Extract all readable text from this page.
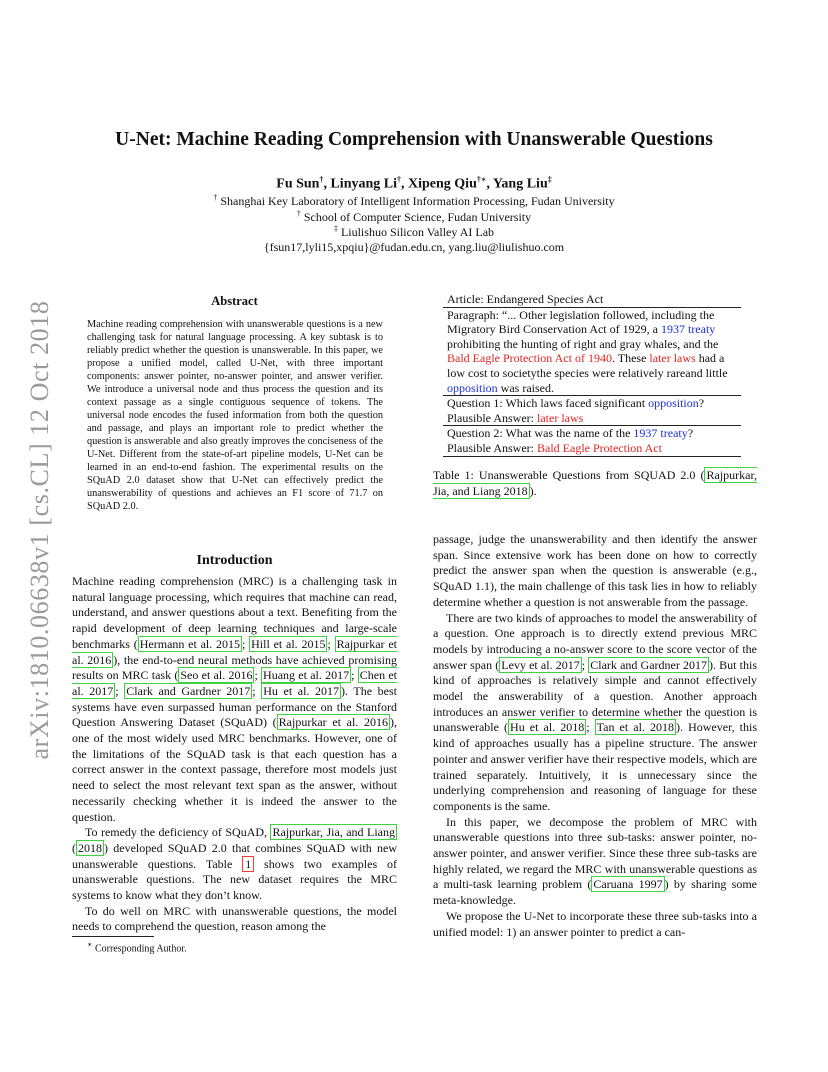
arXiv:1810.06638v1 [cs.CL] 12 Oct 2018
U-Net: Machine Reading Comprehension with Unanswerable Questions
Fu Sun†, Linyang Li†, Xipeng Qiu†∗, Yang Liu‡
† Shanghai Key Laboratory of Intelligent Information Processing, Fudan University
† School of Computer Science, Fudan University
‡ Liulishuo Silicon Valley AI Lab
{fsun17,lyli15,xpqiu}@fudan.edu.cn, yang.liu@liulishuo.com
Abstract
Machine reading comprehension with unanswerable questions is a new challenging task for natural language processing. A key subtask is to reliably predict whether the question is unanswerable. In this paper, we propose a unified model, called U-Net, with three important components: answer pointer, no-answer pointer, and answer verifier. We introduce a universal node and thus process the question and its context passage as a single contiguous sequence of tokens. The universal node encodes the fused information from both the question and passage, and plays an important role to predict whether the question is answerable and also greatly improves the conciseness of the U-Net. Different from the state-of-art pipeline models, U-Net can be learned in an end-to-end fashion. The experimental results on the SQuAD 2.0 dataset show that U-Net can effectively predict the unanswerability of questions and achieves an F1 score of 71.7 on SQuAD 2.0.
Introduction

Machine reading comprehension (MRC) is a challenging task in natural language processing, which requires that machine can read, understand, and answer questions about a text. Benefiting from the rapid development of deep learning techniques and large-scale benchmarks ( Hermann et al. 2015 ; Hill et al. 2015 ; Rajpurkar et al. 2016 ), the end-to-end neural methods have achieved promising results on MRC task ( Seo et al. 2016 ; Huang et al. 2017 ; Chen et al. 2017 ; Clark and Gardner 2017 ; Hu et al. 2017 ). The best systems have even surpassed human performance on the Stanford Question Answering Dataset (SQuAD) ( Rajpurkar et al. 2016 ), one of the most widely used MRC benchmarks. However, one of the limitations of the SQuAD task is that each question has a correct answer in the context passage, therefore most models just need to select the most relevant text span as the answer, without necessarily checking whether it is indeed the answer to the question.

To remedy the deficiency of SQuAD, Rajpurkar, Jia, and Liang ( 2018 ) developed SQuAD 2.0 that combines SQuAD with new unanswerable questions. Table 1 shows two examples of unanswerable questions. The new dataset requires the MRC systems to know what they don’t know.

To do well on MRC with unanswerable questions, the model needs to comprehend the question, reason among the

Article: Endangered Species Act
Paragraph: “... Other legislation followed, including the Migratory Bird Conservation Act of 1929, a 1937 treaty prohibiting the hunting of right and gray whales, and the Bald Eagle Protection Act of 1940. These later laws had a low cost to societythe species were relatively rareand little opposition was raised.
Question 1: Which laws faced significant opposition?
Plausible Answer: later laws
Question 2: What was the name of the 1937 treaty?
Plausible Answer: Bald Eagle Protection Act
Table 1: Unanswerable Questions from SQUAD 2.0 ( Rajpurkar, Jia, and Liang 2018 ).

passage, judge the unanswerability and then identify the answer span. Since extensive work has been done on how to correctly predict the answer span when the question is answerable (e.g., SQuAD 1.1), the main challenge of this task lies in how to reliably determine whether a question is not answerable from the passage.

There are two kinds of approaches to model the answerability of a question. One approach is to directly extend previous MRC models by introducing a no-answer score to the score vector of the answer span ( Levy et al. 2017 ; Clark and Gardner 2017 ). But this kind of approaches is relatively simple and cannot effectively model the answerability of a question. Another approach introduces an answer verifier to determine whether the question is unanswerable ( Hu et al. 2018 ; Tan et al. 2018 ). However, this kind of approaches usually has a pipeline structure. The answer pointer and answer verifier have their respective models, which are trained separately. Intuitively, it is unnecessary since the underlying comprehension and reasoning of language for these components is the same.

In this paper, we decompose the problem of MRC with unanswerable questions into three sub-tasks: answer pointer, no-answer pointer, and answer verifier. Since these three sub-tasks are highly related, we regard the MRC with unanswerable questions as a multi-task learning problem ( Caruana 1997 ) by sharing some meta-knowledge.

We propose the U-Net to incorporate these three sub-tasks into a unified model: 1) an answer pointer to predict a can-

∗ Corresponding Author.
